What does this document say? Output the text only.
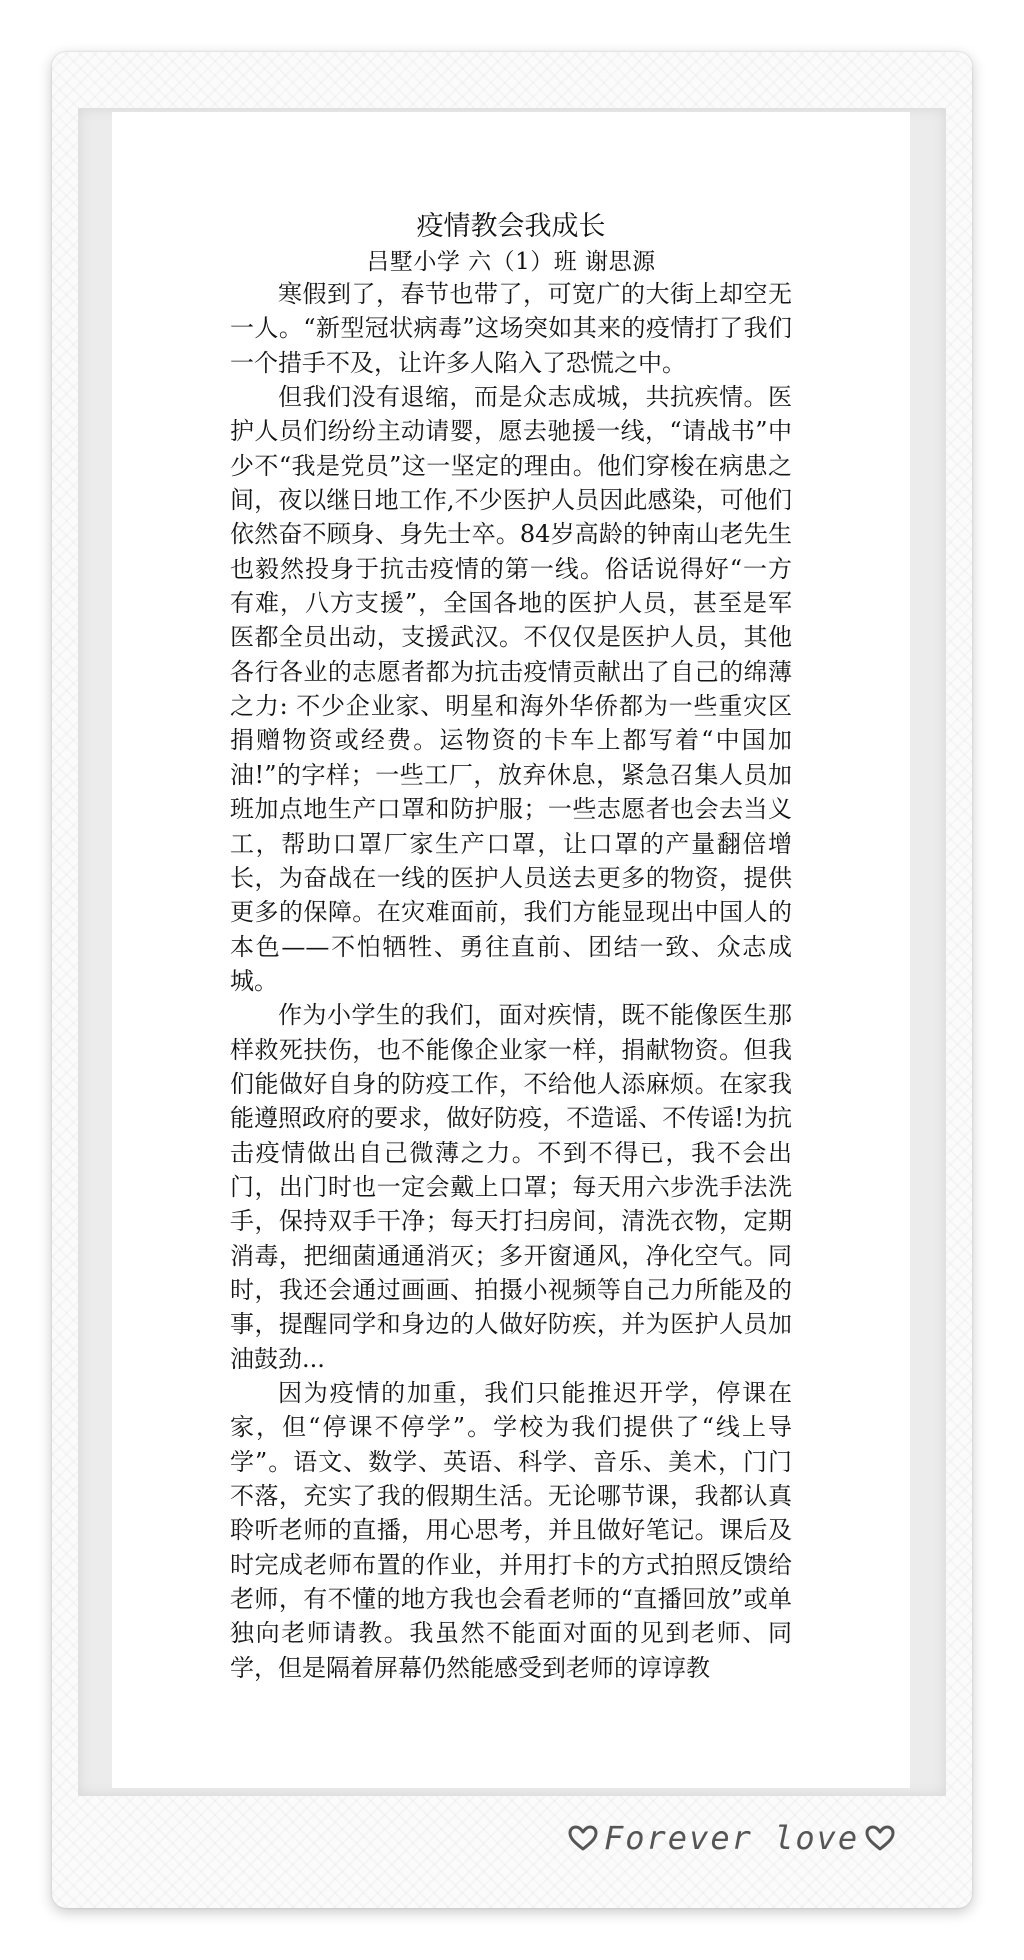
疫情教会我成长
吕墅小学 六（1）班 谢思源

寒假到了，春节也带了，可宽广的大街上却空无一人。“新型冠状病毒”这场突如其来的疫情打了我们一个措手不及，让许多人陷入了恐慌之中。

但我们没有退缩，而是众志成城，共抗疾情。医护人员们纷纷主动请婴，愿去驰援一线，“请战书”中少不“我是党员”这一坚定的理由。他们穿梭在病患之间，夜以继日地工作,不少医护人员因此感染，可他们依然奋不顾身、身先士卒。84岁高龄的钟南山老先生也毅然投身于抗击疫情的第一线。俗话说得好“一方有难，八方支援”，全国各地的医护人员，甚至是军医都全员出动，支援武汉。不仅仅是医护人员，其他各行各业的志愿者都为抗击疫情贡献出了自己的绵薄之力: 不少企业家、明星和海外华侨都为一些重灾区捐赠物资或经费。运物资的卡车上都写着“中国加油!”的字样；一些工厂，放弃休息，紧急召集人员加班加点地生产口罩和防护服；一些志愿者也会去当义工，帮助口罩厂家生产口罩，让口罩的产量翻倍增长，为奋战在一线的医护人员送去更多的物资，提供更多的保障。在灾难面前，我们方能显现出中国人的本色——不怕牺牲、勇往直前、团结一致、众志成城。

作为小学生的我们，面对疾情，既不能像医生那样救死扶伤，也不能像企业家一样，捐献物资。但我们能做好自身的防疫工作，不给他人添麻烦。在家我能遵照政府的要求，做好防疫，不造谣、不传谣!为抗击疫情做出自己微薄之力。不到不得已，我不会出门，出门时也一定会戴上口罩；每天用六步洗手法洗手，保持双手干净；每天打扫房间，清洗衣物，定期消毒，把细菌通通消灭；多开窗通风，净化空气。同时，我还会通过画画、拍摄小视频等自己力所能及的事，提醒同学和身边的人做好防疾，并为医护人员加油鼓劲...

因为疫情的加重，我们只能推迟开学，停课在家，但“停课不停学”。学校为我们提供了“线上导学”。语文、数学、英语、科学、音乐、美术，门门不落，充实了我的假期生活。无论哪节课，我都认真聆听老师的直播，用心思考，并且做好笔记。课后及时完成老师布置的作业，并用打卡的方式拍照反馈给老师，有不懂的地方我也会看老师的“直播回放”或单独向老师请教。我虽然不能面对面的见到老师、同学，但是隔着屏幕仍然能感受到老师的谆谆教

Forever love
